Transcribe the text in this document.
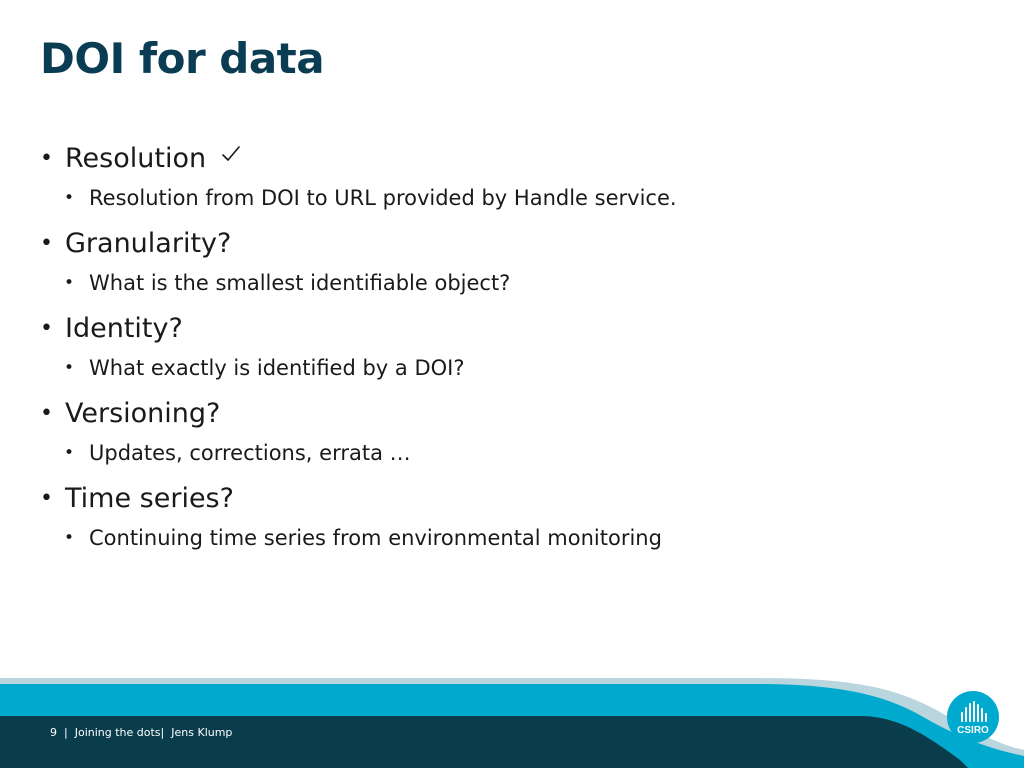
DOI for data
• Resolution
• Resolution from DOI to URL provided by Handle service.
• Granularity?
• What is the smallest identifiable object?
• Identity?
• What exactly is identified by a DOI?
• Versioning?
• Updates, corrections, errata …
• Time series?
• Continuing time series from environmental monitoring
9 | Joining the dots| Jens Klump	CSIRO
